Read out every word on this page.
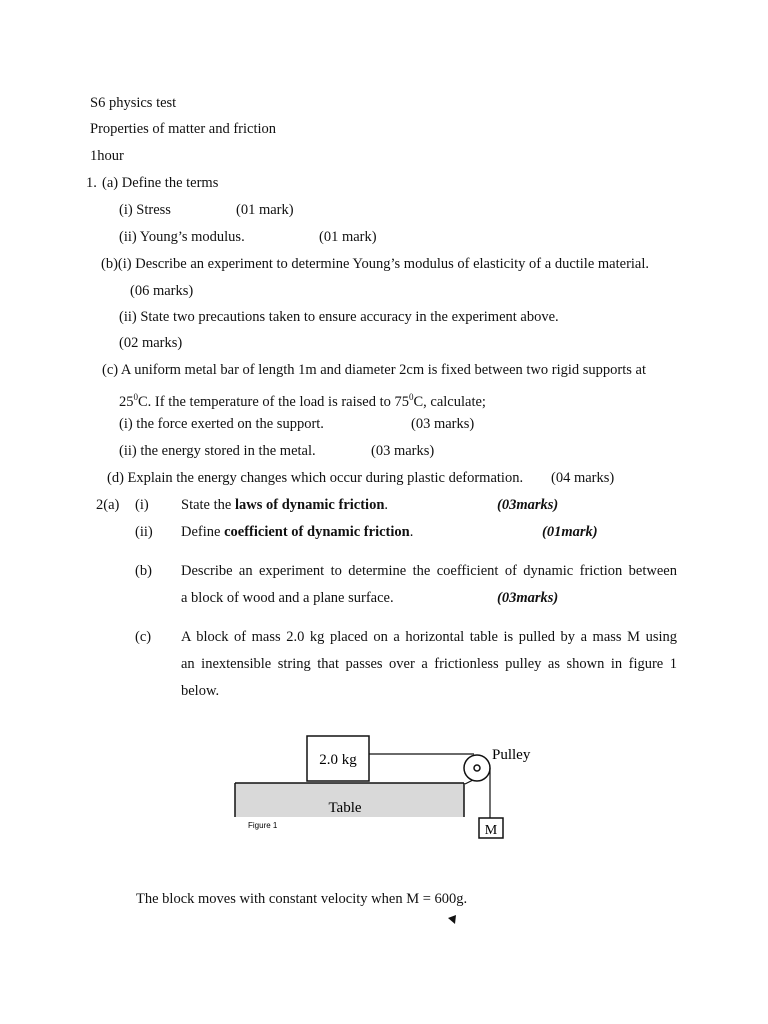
S6 physics test
Properties of matter and friction
1hour
1. (a) Define the terms
(i) Stress	(01 mark)
(ii) Young’s modulus.	(01 mark)
(b)(i) Describe an experiment to determine Young’s modulus of elasticity of a ductile material.
(06 marks)
(ii) State two precautions taken to ensure accuracy in the experiment above.
(02 marks)
(c) A uniform metal bar of length 1m and diameter 2cm is fixed between two rigid supports at
$25^0C$. If the temperature of the load is raised to $75^0C$, calculate;
(i) the force exerted on the support.	(03 marks)
(ii) the energy stored in the metal.	(03 marks)
(d) Explain the energy changes which occur during plastic deformation. (04 marks)
2(a) (i) State the laws of dynamic friction.	(03marks)
(ii) Define coefficient of dynamic friction.	(01mark)
(b) Describe an experiment to determine the coefficient of dynamic friction between
a block of wood and a plane surface.	(03marks)
(c) A block of mass 2.0 kg placed on a horizontal table is pulled by a mass M using
an inextensible string that passes over a frictionless pulley as shown in figure 1
below.
Table
2.0 kg	Pulley
M
Figure 1
The block moves with constant velocity when M = 600g.
